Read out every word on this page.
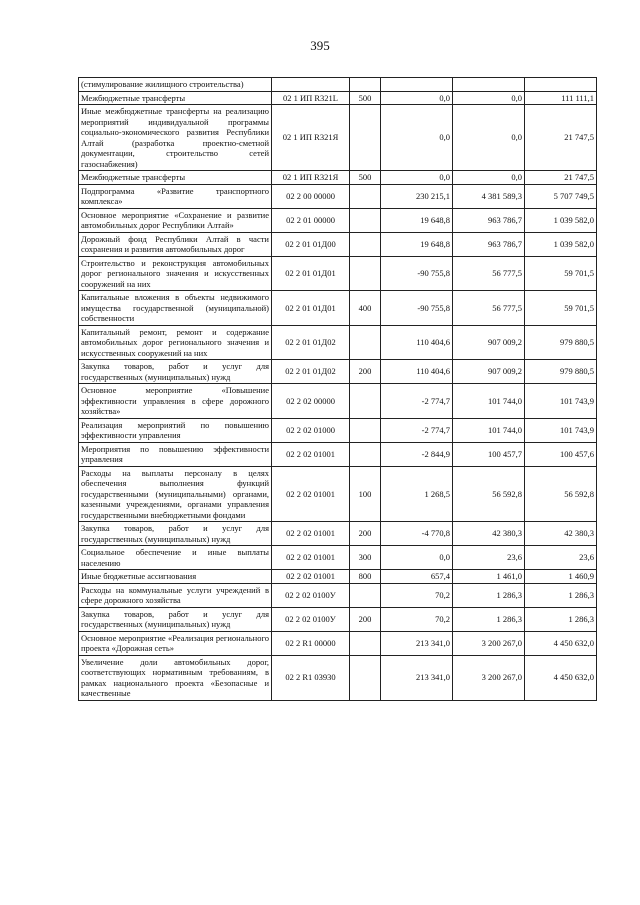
395
(стимулирование жилищного строительства)					
Межбюджетные трансферты	02 1 ИП R321L	500	0,0	0,0	111 111,1
Иные межбюджетные трансферты на реализацию мероприятий индивидуальной программы социально-экономического развития Республики Алтай (разработка проектно-сметной документации, строительство сетей газоснабжения)	02 1 ИП R321Я		0,0	0,0	21 747,5
Межбюджетные трансферты	02 1 ИП R321Я	500	0,0	0,0	21 747,5
Подпрограмма «Развитие транспортного комплекса»	02 2 00 00000		230 215,1	4 381 589,3	5 707 749,5
Основное мероприятие «Сохранение и развитие автомобильных дорог Республики Алтай»	02 2 01 00000		19 648,8	963 786,7	1 039 582,0
Дорожный фонд Республики Алтай в части сохранения и развития автомобильных дорог	02 2 01 01Д00		19 648,8	963 786,7	1 039 582,0
Строительство и реконструкция автомобильных дорог регионального значения и искусственных сооружений на них	02 2 01 01Д01		-90 755,8	56 777,5	59 701,5
Капитальные вложения в объекты недвижимого имущества государственной (муниципальной) собственности	02 2 01 01Д01	400	-90 755,8	56 777,5	59 701,5
Капитальный ремонт, ремонт и содержание автомобильных дорог регионального значения и искусственных сооружений на них	02 2 01 01Д02		110 404,6	907 009,2	979 880,5
Закупка товаров, работ и услуг для государственных (муниципальных) нужд	02 2 01 01Д02	200	110 404,6	907 009,2	979 880,5
Основное мероприятие «Повышение эффективности управления в сфере дорожного хозяйства»	02 2 02 00000		-2 774,7	101 744,0	101 743,9
Реализация мероприятий по повышению эффективности управления	02 2 02 01000		-2 774,7	101 744,0	101 743,9
Мероприятия по повышению эффективности управления	02 2 02 01001		-2 844,9	100 457,7	100 457,6
Расходы на выплаты персоналу в целях обеспечения выполнения функций государственными (муниципальными) органами, казенными учреждениями, органами управления государственными внебюджетными фондами	02 2 02 01001	100	1 268,5	56 592,8	56 592,8
Закупка товаров, работ и услуг для государственных (муниципальных) нужд	02 2 02 01001	200	-4 770,8	42 380,3	42 380,3
Социальное обеспечение и иные выплаты населению	02 2 02 01001	300	0,0	23,6	23,6
Иные бюджетные ассигнования	02 2 02 01001	800	657,4	1 461,0	1 460,9
Расходы на коммунальные услуги учреждений в сфере дорожного хозяйства	02 2 02 0100У		70,2	1 286,3	1 286,3
Закупка товаров, работ и услуг для государственных (муниципальных) нужд	02 2 02 0100У	200	70,2	1 286,3	1 286,3
Основное мероприятие «Реализация регионального проекта «Дорожная сеть»	02 2 R1 00000		213 341,0	3 200 267,0	4 450 632,0
Увеличение доли автомобильных дорог, соответствующих нормативным требованиям, в рамках национального проекта «Безопасные и качественные	02 2 R1 03930		213 341,0	3 200 267,0	4 450 632,0
